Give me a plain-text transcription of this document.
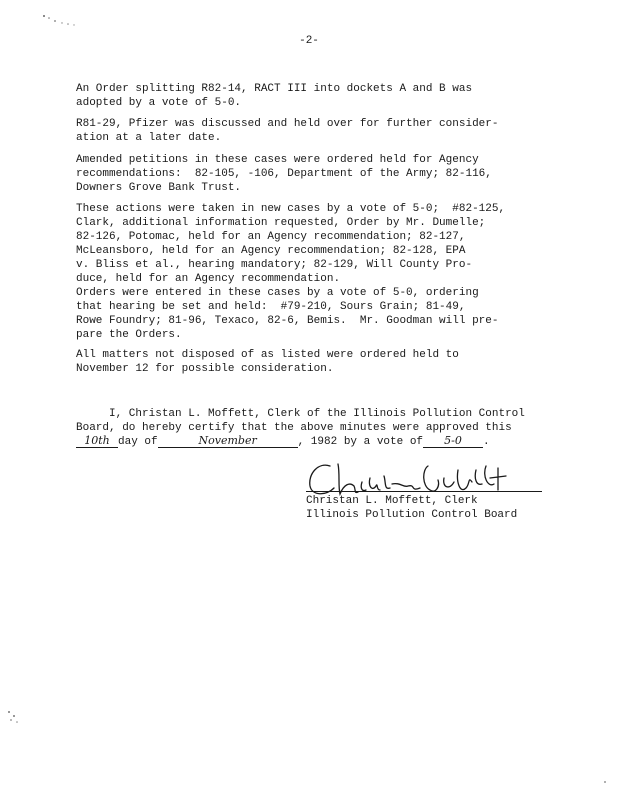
-2-

An Order splitting R82-14, RACT III into dockets A and B was
adopted by a vote of 5-0.

R81-29, Pfizer was discussed and held over for further consider-
ation at a later date.

Amended petitions in these cases were ordered held for Agency
recommendations:  82-105, -106, Department of the Army; 82-116,
Downers Grove Bank Trust.

These actions were taken in new cases by a vote of 5-0;  #82-125,
Clark, additional information requested, Order by Mr. Dumelle;
82-126, Potomac, held for an Agency recommendation; 82-127,
McLeansboro, held for an Agency recommendation; 82-128, EPA
v. Bliss et al., hearing mandatory; 82-129, Will County Pro-
duce, held for an Agency recommendation.

Orders were entered in these cases by a vote of 5-0, ordering
that hearing be set and held:  #79-210, Sours Grain; 81-49,
Rowe Foundry; 81-96, Texaco, 82-6, Bemis.  Mr. Goodman will pre-
pare the Orders.

All matters not disposed of as listed were ordered held to
November 12 for possible consideration.

I, Christan L. Moffett, Clerk of the Illinois Pollution Control
Board, do hereby certify that the above minutes were approved this
10th day of	November	, 1982 by a vote of 5-0 .
Christan L. Moffett, Clerk
Illinois Pollution Control Board
